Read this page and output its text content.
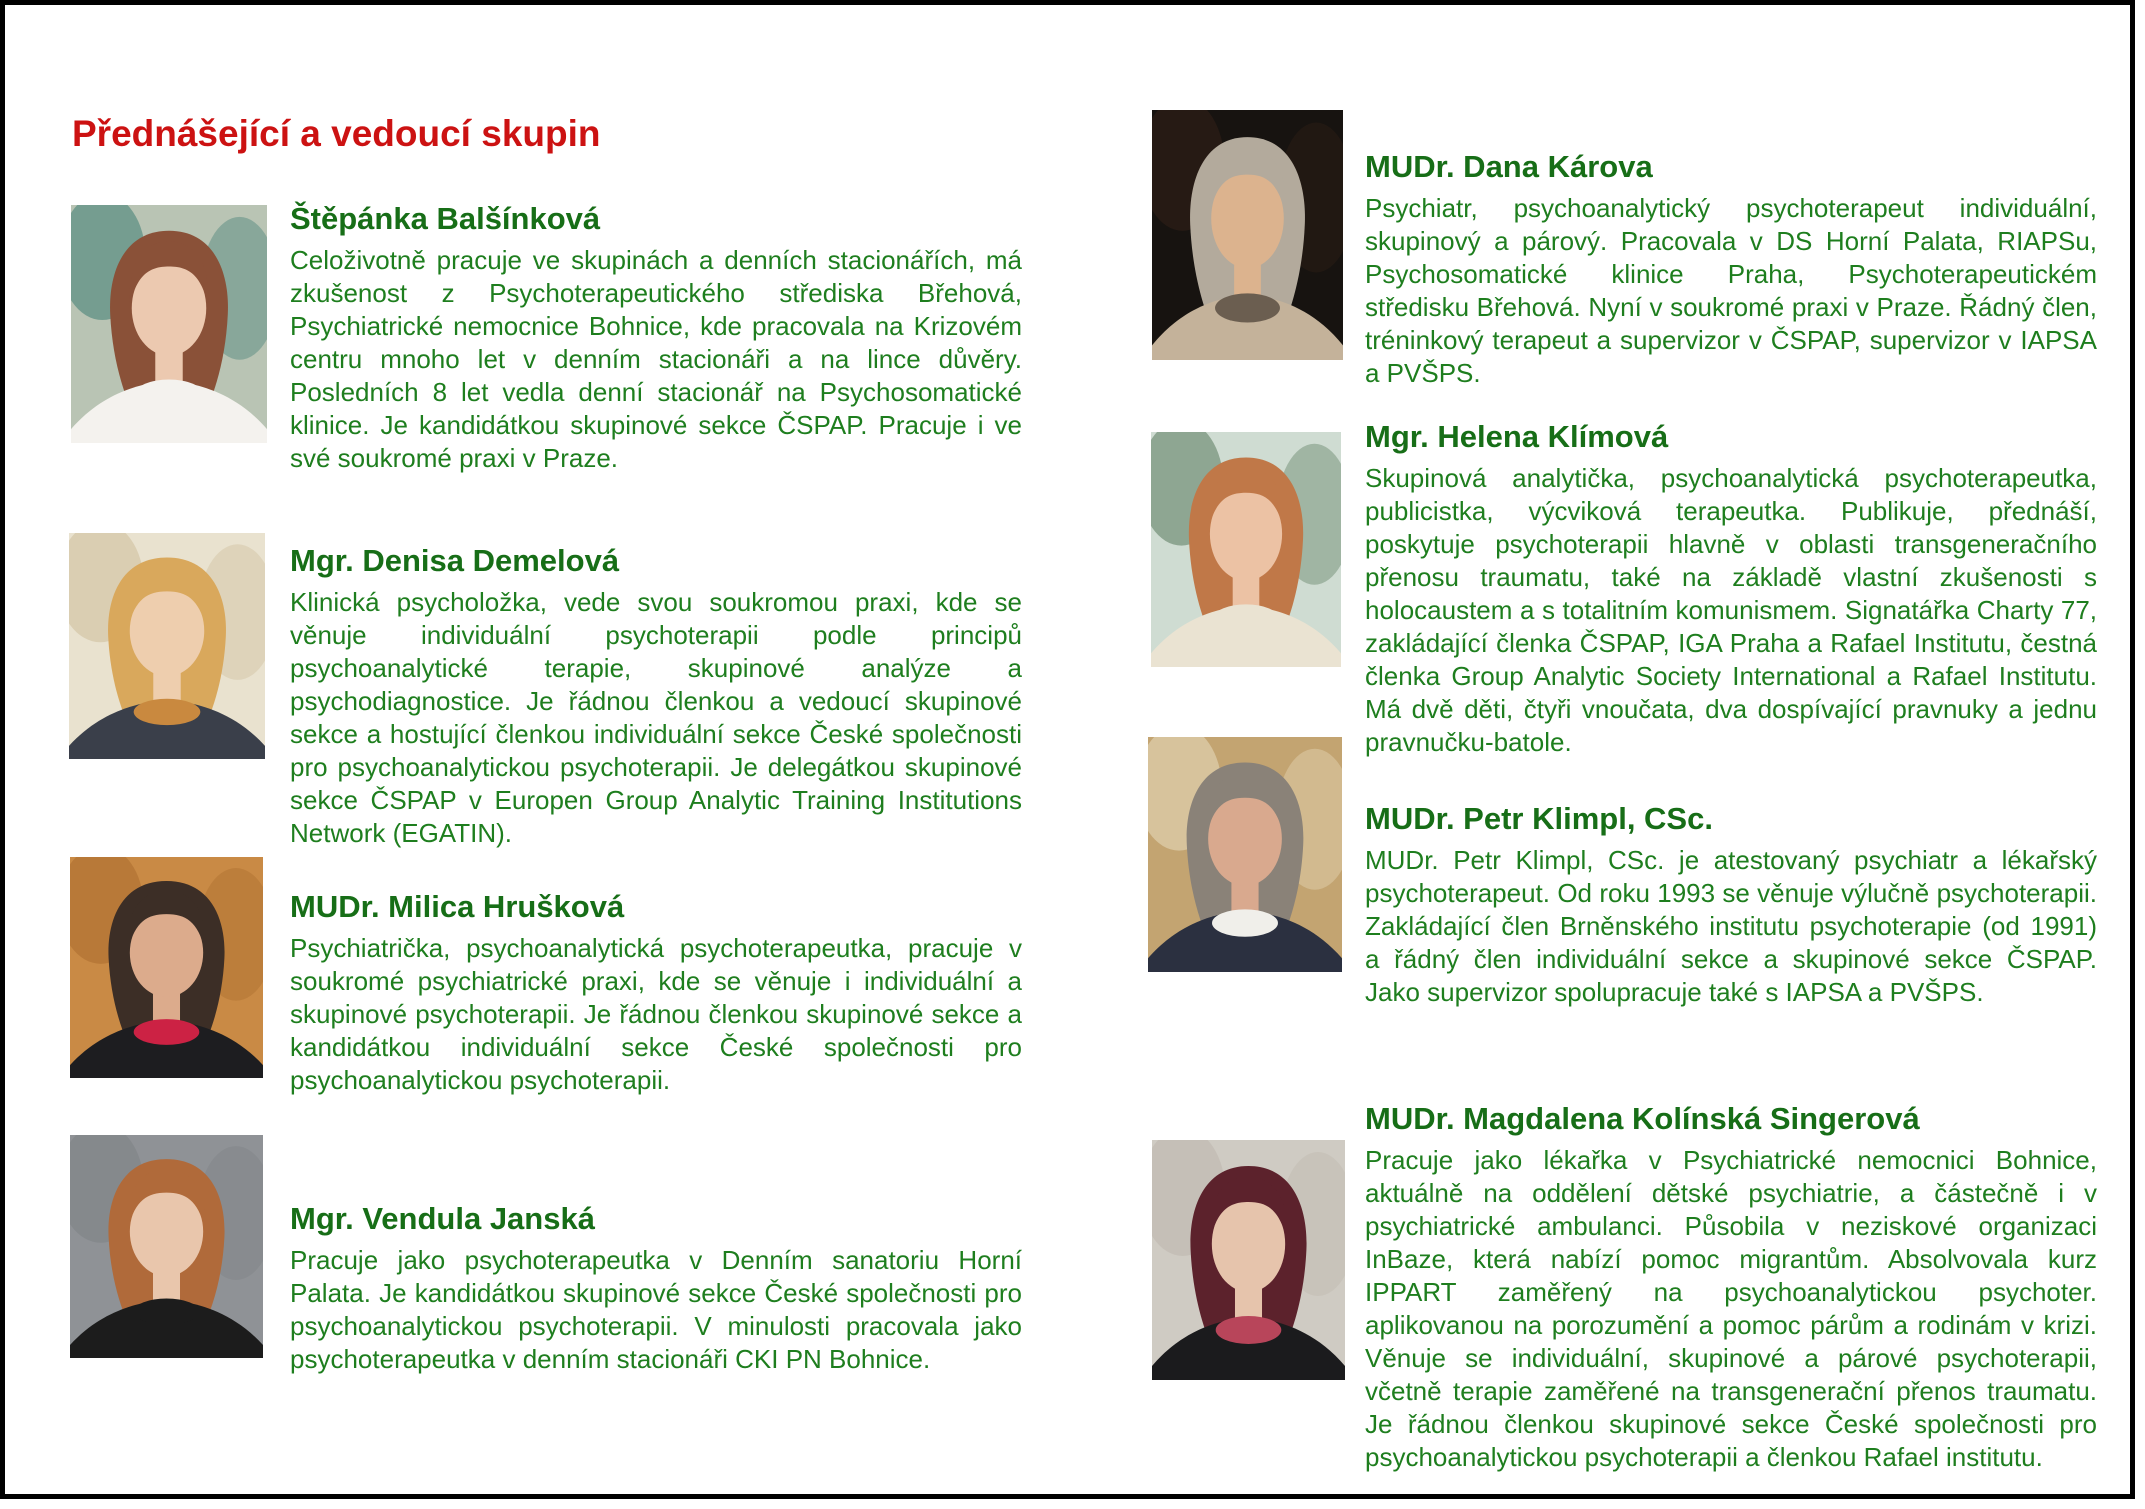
Přednášející a vedoucí skupin
Štěpánka Balšínková

Celoživotně pracuje ve skupinách a denních stacionářích, má zkušenost z Psychoterapeutického střediska Břehová, Psychiatrické nemocnice Bohnice, kde pracovala na Krizovém centru mnoho let v denním stacionáři a na lince důvěry. Posledních 8 let vedla denní stacionář na Psychosomatické klinice. Je kandidátkou skupinové sekce ČSPAP. Pracuje i ve své soukromé praxi v Praze.

Mgr. Denisa Demelová

Klinická psycholožka, vede svou soukromou praxi, kde se věnuje individuální psychoterapii podle principů psychoanalytické terapie, skupinové analýze a psychodiagnostice. Je řádnou členkou a vedoucí skupinové sekce a hostující členkou individuální sekce České společnosti pro psychoanalytickou psychoterapii. Je delegátkou skupinové sekce ČSPAP v Europen Group Analytic Training Institutions Network (EGATIN).

MUDr. Milica Hrušková

Psychiatrička, psychoanalytická psychoterapeutka, pracuje v soukromé psychiatrické praxi, kde se věnuje i individuální a skupinové psychoterapii. Je řádnou členkou skupinové sekce a kandidátkou individuální sekce České společnosti pro psychoanalytickou psychoterapii.

Mgr. Vendula Janská

Pracuje jako psychoterapeutka v Denním sanatoriu Horní Palata. Je kandidátkou skupinové sekce České společnosti pro psychoanalytickou psychoterapii. V minulosti pracovala jako psychoterapeutka v denním stacionáři CKI PN Bohnice.

MUDr. Dana Károva

Psychiatr, psychoanalytický psychoterapeut individuální, skupinový a párový. Pracovala v DS Horní Palata, RIAPSu, Psychosomatické klinice Praha, Psychoterapeutickém středisku Břehová. Nyní v soukromé praxi v Praze. Řádný člen, tréninkový terapeut a supervizor v ČSPAP, supervizor v IAPSA a PVŠPS.

Mgr. Helena Klímová

Skupinová analytička, psychoanalytická psychoterapeutka, publicistka, výcviková terapeutka. Publikuje, přednáší, poskytuje psychoterapii hlavně v oblasti transgeneračního přenosu traumatu, také na základě vlastní zkušenosti s holocaustem a s totalitním komunismem. Signatářka Charty 77, zakládající členka ČSPAP, IGA Praha a Rafael Institutu, čestná členka Group Analytic Society International a Rafael Institutu. Má dvě děti, čtyři vnoučata, dva dospívající pravnuky a jednu pravnučku-batole.

MUDr. Petr Klimpl, CSc.

MUDr. Petr Klimpl, CSc. je atestovaný psychiatr a lékařský psychoterapeut. Od roku 1993 se věnuje výlučně psychoterapii. Zakládající člen Brněnského institutu psychoterapie (od 1991) a řádný člen individuální sekce a skupinové sekce ČSPAP. Jako supervizor spolupracuje také s IAPSA a PVŠPS.

MUDr. Magdalena Kolínská Singerová

Pracuje jako lékařka v Psychiatrické nemocnici Bohnice, aktuálně na oddělení dětské psychiatrie, a částečně i v psychiatrické ambulanci. Působila v neziskové organizaci InBaze, která nabízí pomoc migrantům. Absolvovala kurz IPPART zaměřený na psychoanalytickou psychoter. aplikovanou na porozumění a pomoc párům a rodinám v krizi. Věnuje se individuální, skupinové a párové psychoterapii, včetně terapie zaměřené na transgenerační přenos traumatu. Je řádnou členkou skupinové sekce České společnosti pro psychoanalytickou psychoterapii a členkou Rafael institutu.
